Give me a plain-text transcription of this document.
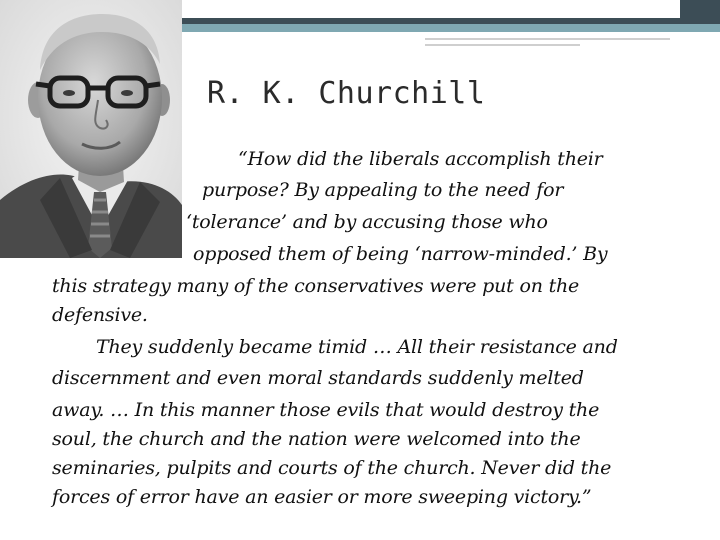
R. K. Churchill
“How did the liberals accomplish their
purpose? By appealing to the need for
‘tolerance’ and by accusing those who
opposed them of being ‘narrow-minded.’ By
this strategy many of the conservatives were put on the
defensive.
They suddenly became timid … All their resistance and
discernment and even moral standards suddenly melted
away. … In this manner those evils that would destroy the
soul, the church and the nation were welcomed into the
seminaries, pulpits and courts of the church. Never did the
forces of error have an easier or more sweeping victory.”
